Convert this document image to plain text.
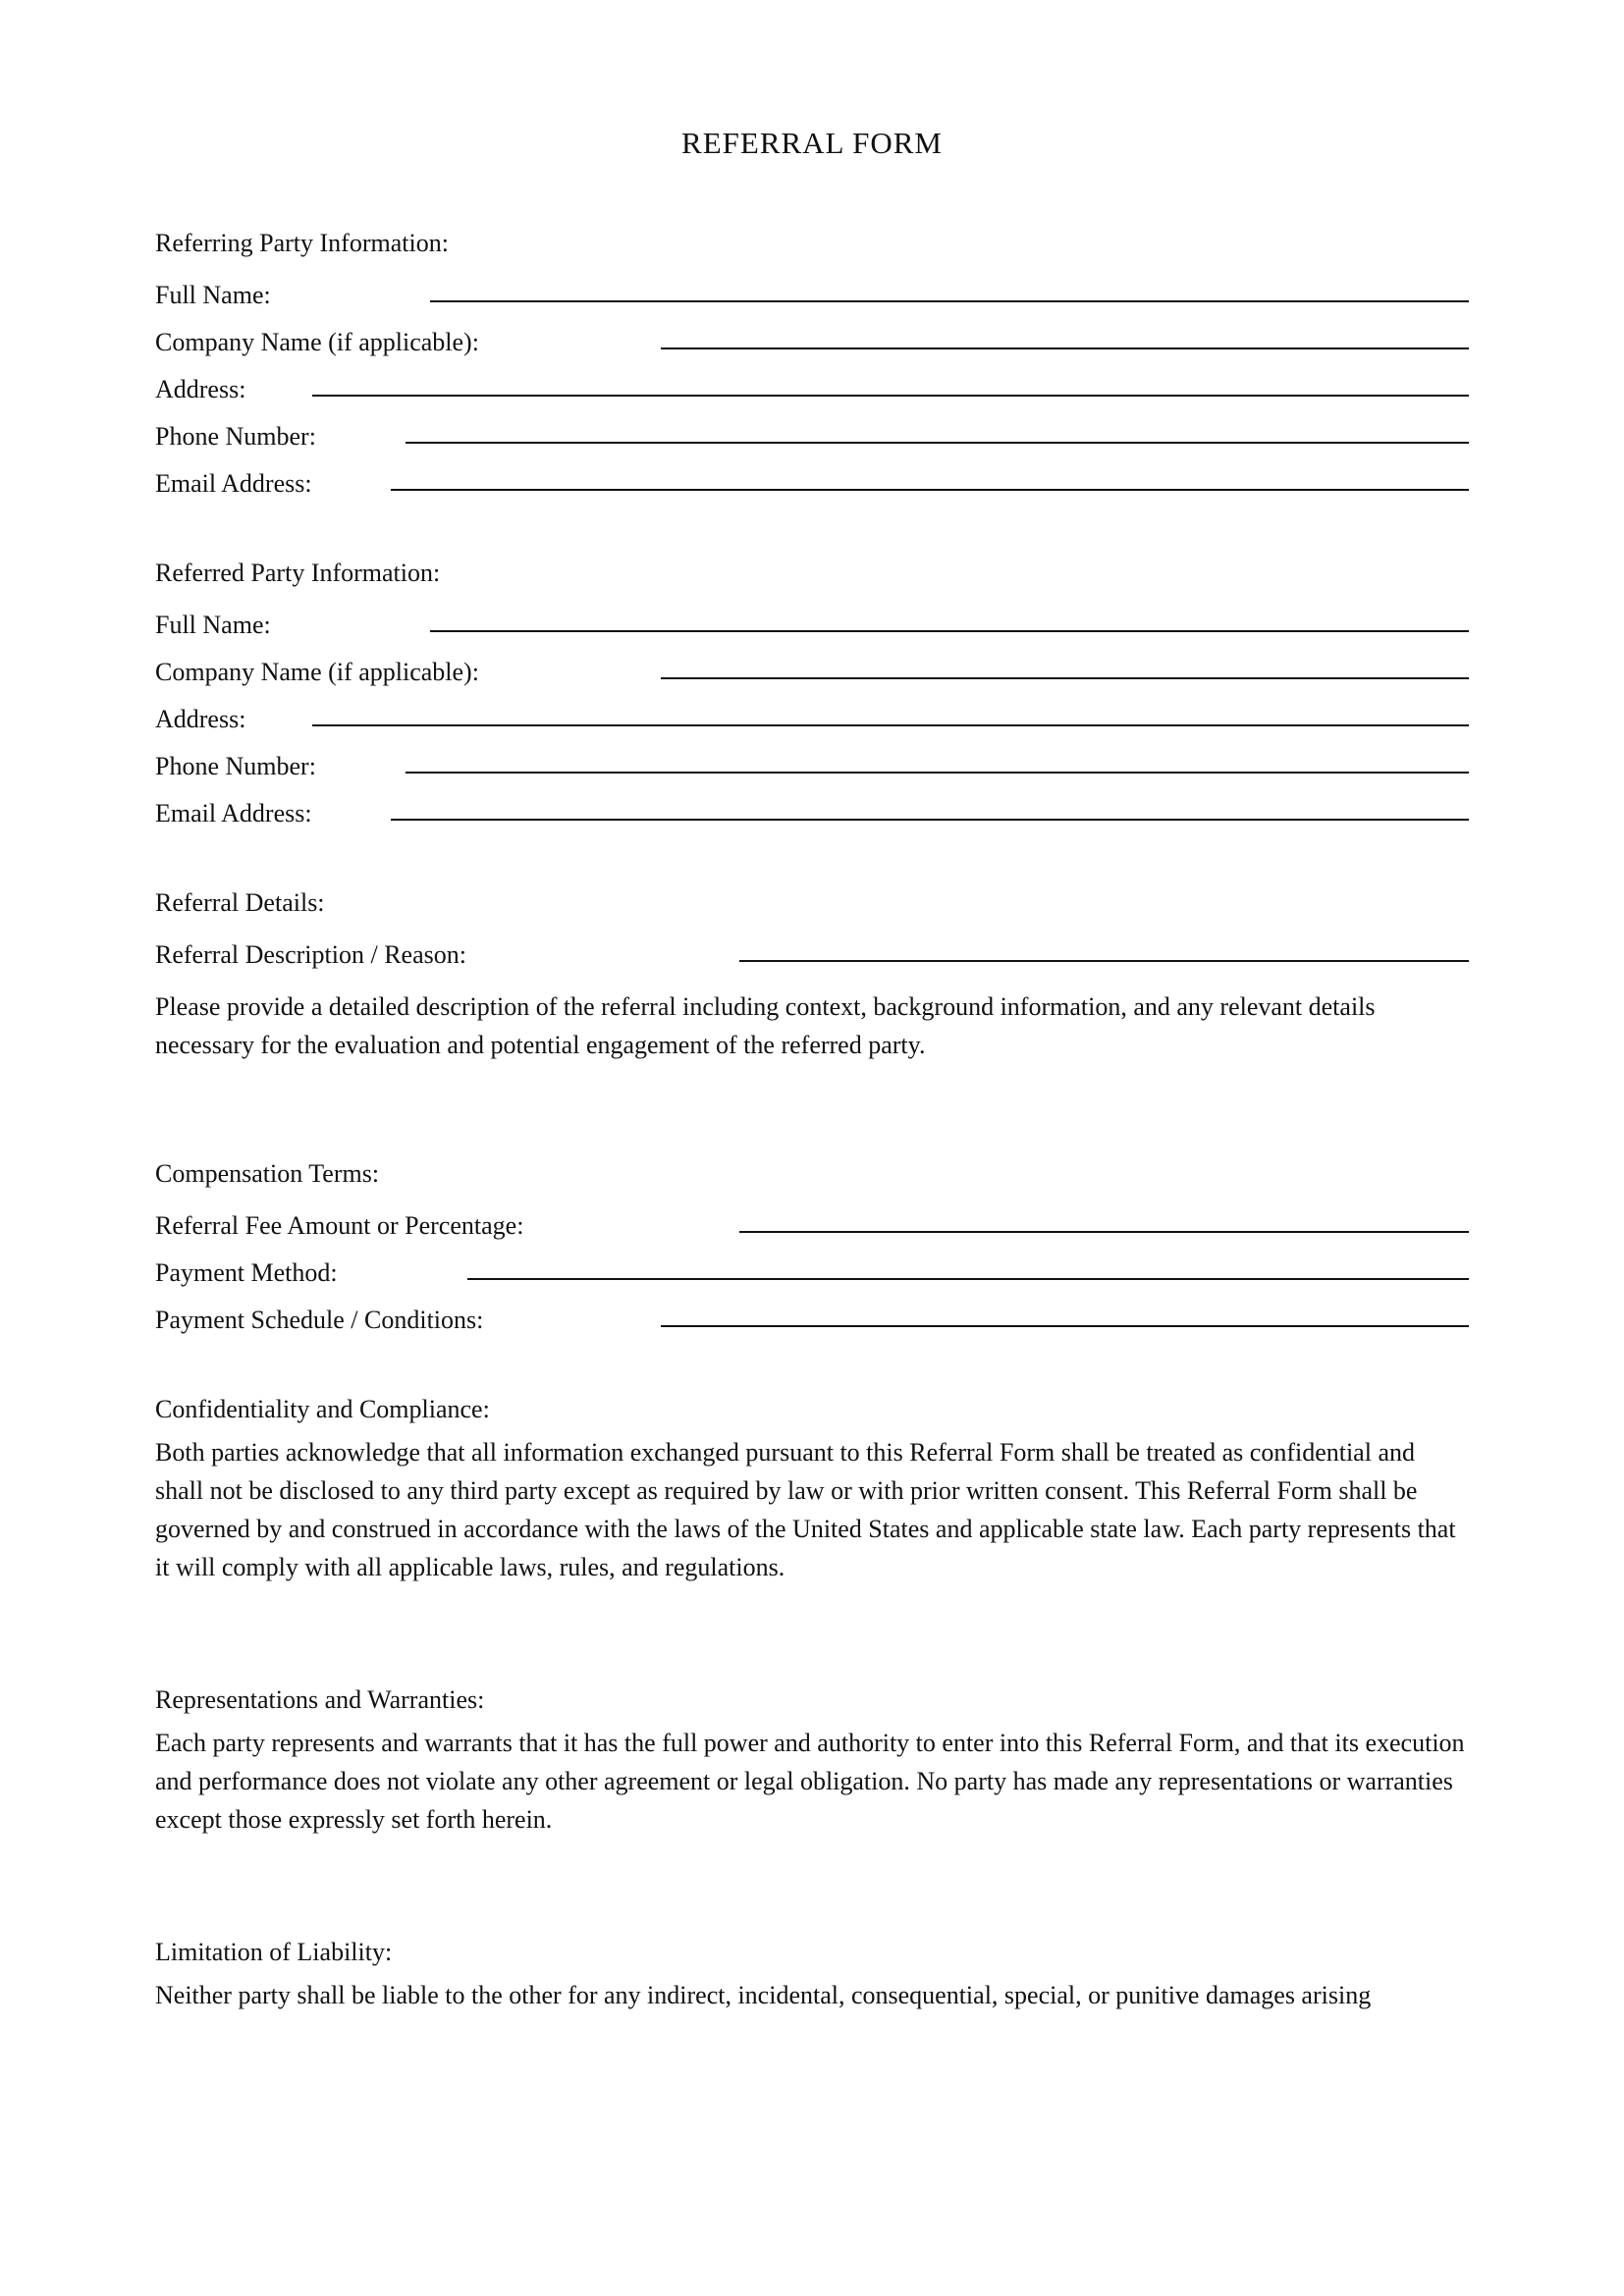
REFERRAL FORM
Referring Party Information:
Full Name:
Company Name (if applicable):
Address:
Phone Number:
Email Address:
Referred Party Information:
Full Name:
Company Name (if applicable):
Address:
Phone Number:
Email Address:
Referral Details:
Referral Description / Reason:

Please provide a detailed description of the referral including context, background information, and any relevant details necessary for the evaluation and potential engagement of the referred party.

Compensation Terms:
Referral Fee Amount or Percentage:
Payment Method:
Payment Schedule / Conditions:
Confidentiality and Compliance:

Both parties acknowledge that all information exchanged pursuant to this Referral Form shall be treated as confidential and shall not be disclosed to any third party except as required by law or with prior written consent. This Referral Form shall be governed by and construed in accordance with the laws of the United States and applicable state law. Each party represents that it will comply with all applicable laws, rules, and regulations.

Representations and Warranties:

Each party represents and warrants that it has the full power and authority to enter into this Referral Form, and that its execution and performance does not violate any other agreement or legal obligation. No party has made any representations or warranties except those expressly set forth herein.

Limitation of Liability:

Neither party shall be liable to the other for any indirect, incidental, consequential, special, or punitive damages arising
